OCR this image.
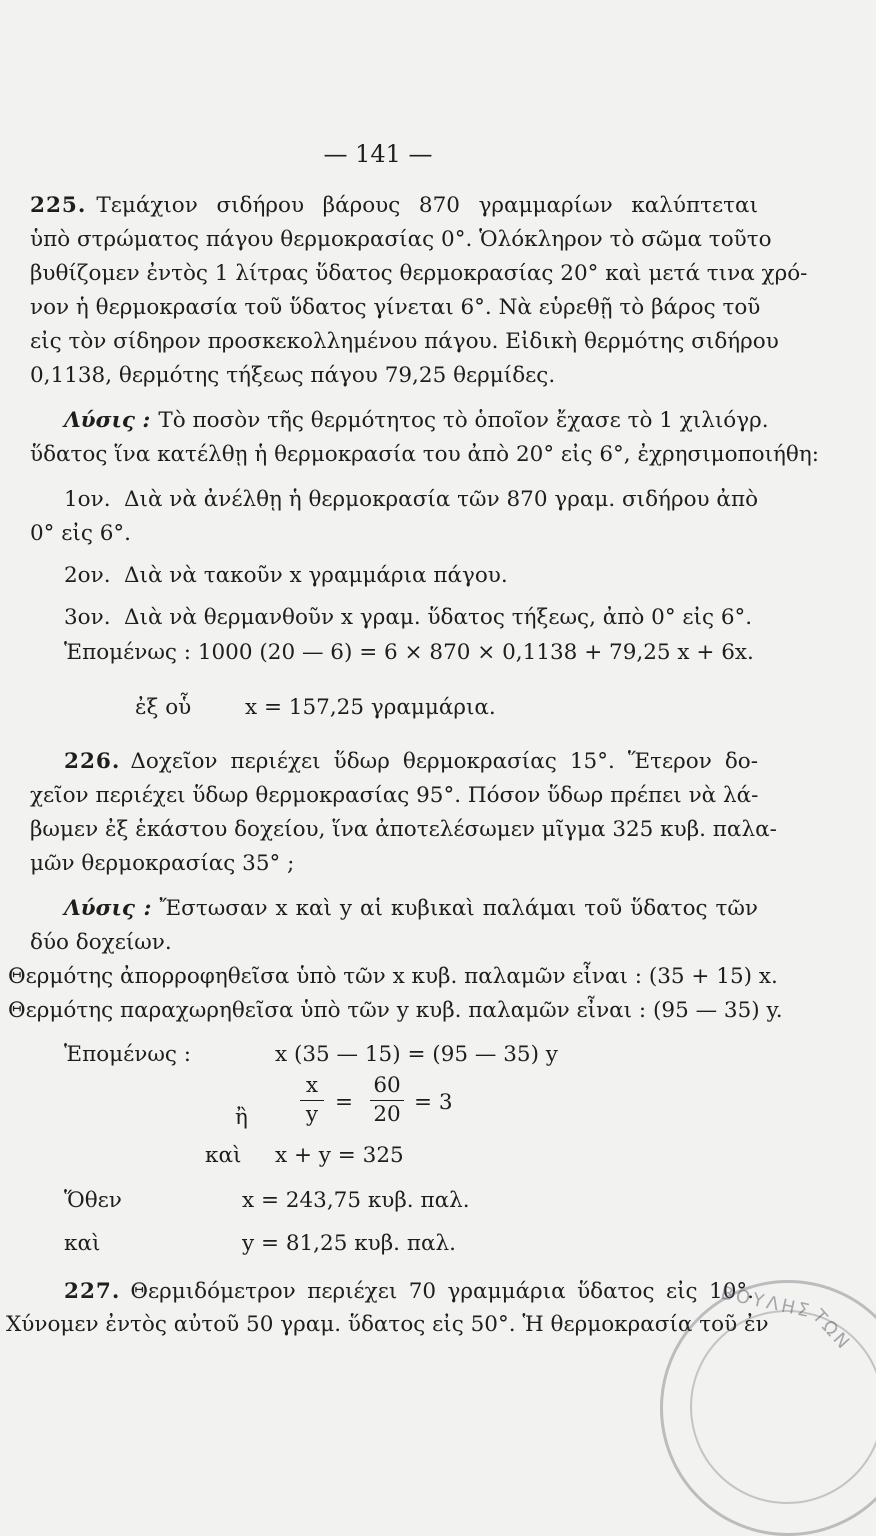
— 141 —
225. Τεμάχιον σιδήρου βάρους 870 γραμμαρίων καλύπτεται
ὑπὸ στρώματος πάγου θερμοκρασίας 0°. Ὁλόκληρον τὸ σῶμα τοῦτο
βυθίζομεν ἐντὸς 1 λίτρας ὕδατος θερμοκρασίας 20° καὶ μετά τινα χρό-
νον ἡ θερμοκρασία τοῦ ὕδατος γίνεται 6°. Νὰ εὑρεθῇ τὸ βάρος τοῦ
εἰς τὸν σίδηρον προσκεκολλημένου πάγου. Εἰδικὴ θερμότης σιδήρου
0,1138, θερμότης τήξεως πάγου 79,25 θερμίδες.
Λύσις : Τὸ ποσὸν τῆς θερμότητος τὸ ὁποῖον ἔχασε τὸ 1 χιλιόγρ.
ὕδατος ἵνα κατέλθῃ ἡ θερμοκρασία του ἀπὸ 20° εἰς 6°, ἐχρησιμοποιήθη:
1ον. Διὰ νὰ ἀνέλθῃ ἡ θερμοκρασία τῶν 870 γραμ. σιδήρου ἀπὸ
0° εἰς 6°.
2ον. Διὰ νὰ τακοῦν x γραμμάρια πάγου.
3ον. Διὰ νὰ θερμανθοῦν x γραμ. ὕδατος τήξεως, ἀπὸ 0° εἰς 6°.
Ἑπομένως : 1000 (20 — 6) = 6 × 870 × 0,1138 + 79,25 x + 6x.
ἐξ οὗ	x = 157,25 γραμμάρια.
226. Δοχεῖον περιέχει ὕδωρ θερμοκρασίας 15°. Ἕτερον δο-
χεῖον περιέχει ὕδωρ θερμοκρασίας 95°. Πόσον ὕδωρ πρέπει νὰ λά-
βωμεν ἐξ ἑκάστου δοχείου, ἵνα ἀποτελέσωμεν μῖγμα 325 κυβ. παλα-
μῶν θερμοκρασίας 35° ;
Λύσις : Ἔστωσαν x καὶ y αἱ κυβικαὶ παλάμαι τοῦ ὕδατος τῶν
δύο δοχείων.
Θερμότης ἀπορροφηθεῖσα ὑπὸ τῶν x κυβ. παλαμῶν εἶναι : (35 + 15) x.
Θερμότης παραχωρηθεῖσα ὑπὸ τῶν y κυβ. παλαμῶν εἶναι : (95 — 35) y.
Ἑπομένως :	x (35 — 15) = (95 — 35) y
ἢ
x
y =
60
20 = 3
καὶ x + y = 325
Ὅθεν	x = 243,75 κυβ. παλ.
καὶ	y = 81,25 κυβ. παλ.
227. Θερμιδόμετρον περιέχει 70 γραμμάρια ὕδατος εἰς 10°.
Χύνομεν ἐντὸς αὐτοῦ 50 γραμ. ὕδατος εἰς 50°. Ἡ θερμοκρασία τοῦ ἐν
ΒΟΥΛΗΣ
ΤΩΝ
